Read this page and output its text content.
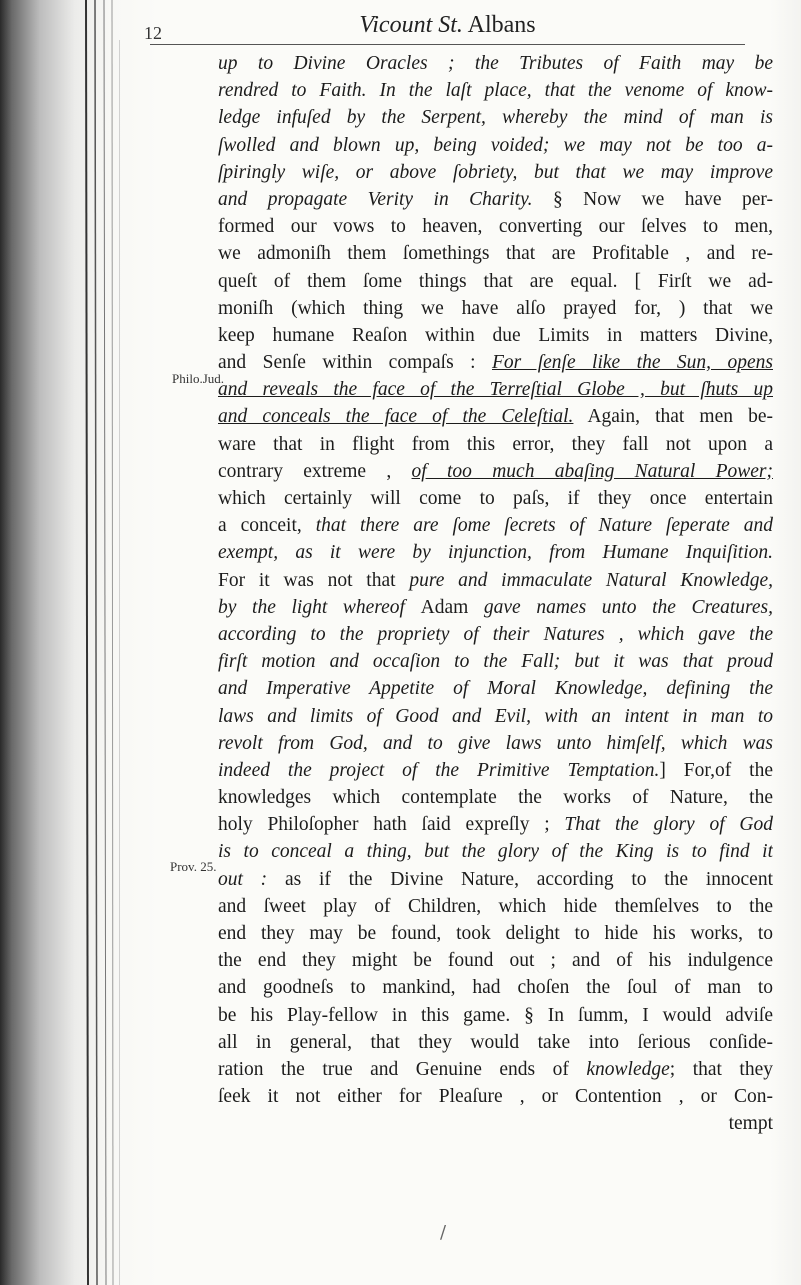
12	Vicount St. Albans
Philo.Jud.
Prov. 25.
up to Divine Oracles ; the Tributes of Faith may be
rendred to Faith. In the laſt place, that the venome of know-
ledge infuſed by the Serpent, whereby the mind of man is
ſwolled and blown up, being voided; we may not be too a-
ſpiringly wiſe, or above ſobriety, but that we may improve
and propagate Verity in Charity. § Now we have per-
formed our vows to heaven, converting our ſelves to men,
we admoniſh them ſomethings that are Profitable , and re-
queſt of them ſome things that are equal. [ Firſt we ad-
moniſh (which thing we have alſo prayed for, ) that we
keep humane Reaſon within due Limits in matters Divine,
and Senſe within compaſs : For ſenſe like the Sun, opens
and reveals the face of the Terreſtial Globe , but ſhuts up
and conceals the face of the Celeſtial. Again, that men be-
ware that in flight from this error, they fall not upon a
contrary extreme , of too much abaſing Natural Power;
which certainly will come to paſs, if they once entertain
a conceit, that there are ſome ſecrets of Nature ſeperate and
exempt, as it were by injunction, from Humane Inquiſition.
For it was not that pure and immaculate Natural Knowledge,
by the light whereof Adam gave names unto the Creatures,
according to the propriety of their Natures , which gave the
firſt motion and occaſion to the Fall; but it was that proud
and Imperative Appetite of Moral Knowledge, defining the
laws and limits of Good and Evil, with an intent in man to
revolt from God, and to give laws unto himſelf, which was
indeed the project of the Primitive Temptation.] For,of the
knowledges which contemplate the works of Nature, the
holy Philoſopher hath ſaid expreſly ; That the glory of God
is to conceal a thing, but the glory of the King is to find it
out : as if the Divine Nature, according to the innocent
and ſweet play of Children, which hide themſelves to the
end they may be found, took delight to hide his works, to
the end they might be found out ; and of his indulgence
and goodneſs to mankind, had choſen the ſoul of man to
be his Play-fellow in this game. § In ſumm, I would adviſe
all in general, that they would take into ſerious conſide-
ration the true and Genuine ends of knowledge; that they
ſeek it not either for Pleaſure , or Contention , or Con-
tempt
/
